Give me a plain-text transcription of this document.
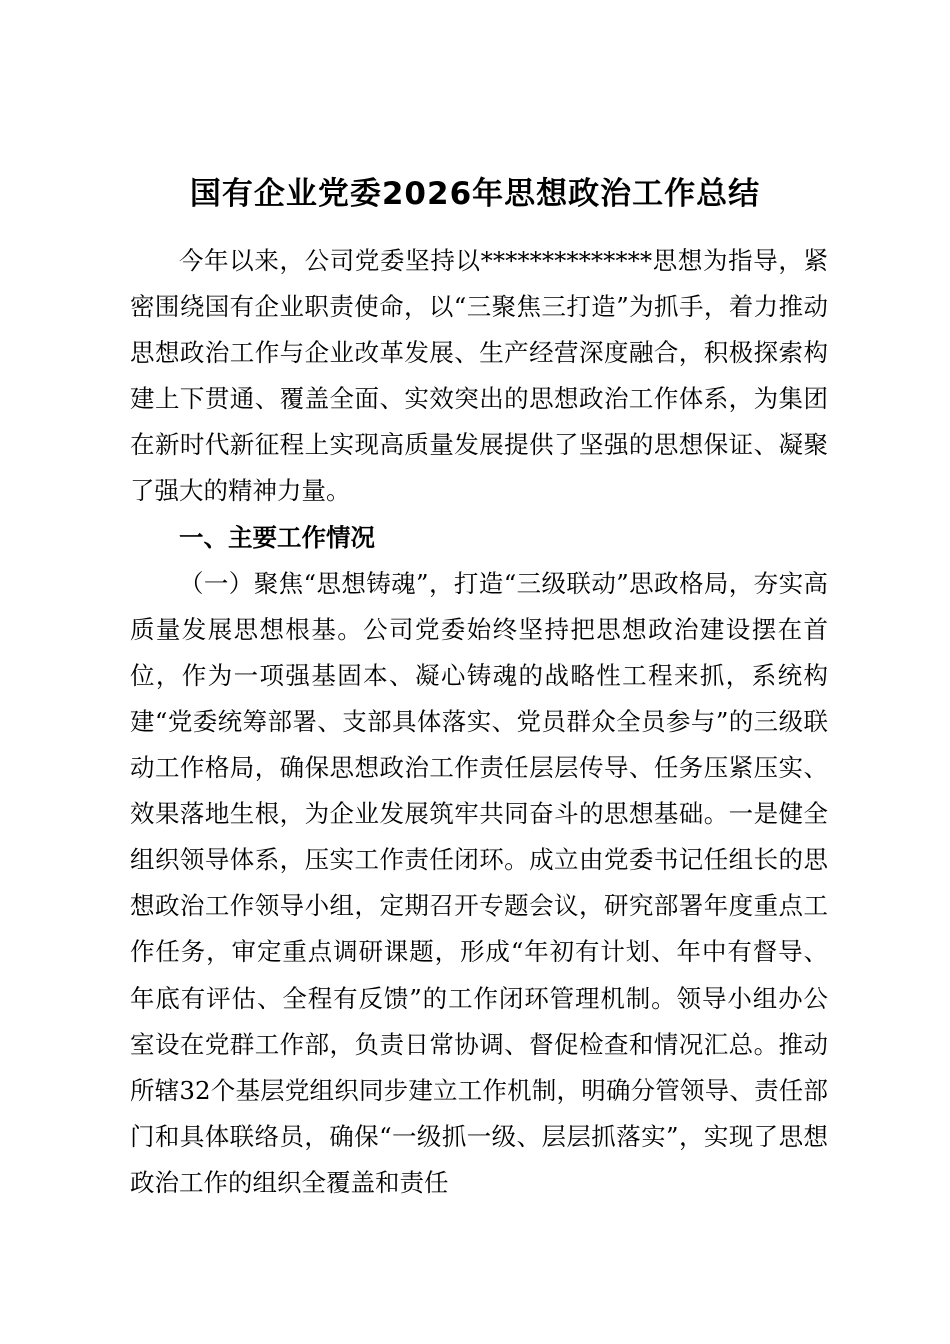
国有企业党委2026年思想政治工作总结

今年以来，公司党委坚持以**************思想为指导，紧密围绕国有企业职责使命，以“三聚焦三打造”为抓手，着力推动思想政治工作与企业改革发展、生产经营深度融合，积极探索构建上下贯通、覆盖全面、实效突出的思想政治工作体系，为集团在新时代新征程上实现高质量发展提供了坚强的思想保证、凝聚了强大的精神力量。

一、主要工作情况

（一）聚焦“思想铸魂”，打造“三级联动”思政格局，夯实高质量发展思想根基。公司党委始终坚持把思想政治建设摆在首位，作为一项强基固本、凝心铸魂的战略性工程来抓，系统构建“党委统筹部署、支部具体落实、党员群众全员参与”的三级联动工作格局，确保思想政治工作责任层层传导、任务压紧压实、效果落地生根，为企业发展筑牢共同奋斗的思想基础。一是健全组织领导体系，压实工作责任闭环。成立由党委书记任组长的思想政治工作领导小组，定期召开专题会议，研究部署年度重点工作任务，审定重点调研课题，形成“年初有计划、年中有督导、年底有评估、全程有反馈”的工作闭环管理机制。领导小组办公室设在党群工作部，负责日常协调、督促检查和情况汇总。推动所辖32个基层党组织同步建立工作机制，明确分管领导、责任部门和具体联络员，确保“一级抓一级、层层抓落实”，实现了思想政治工作的组织全覆盖和责任
